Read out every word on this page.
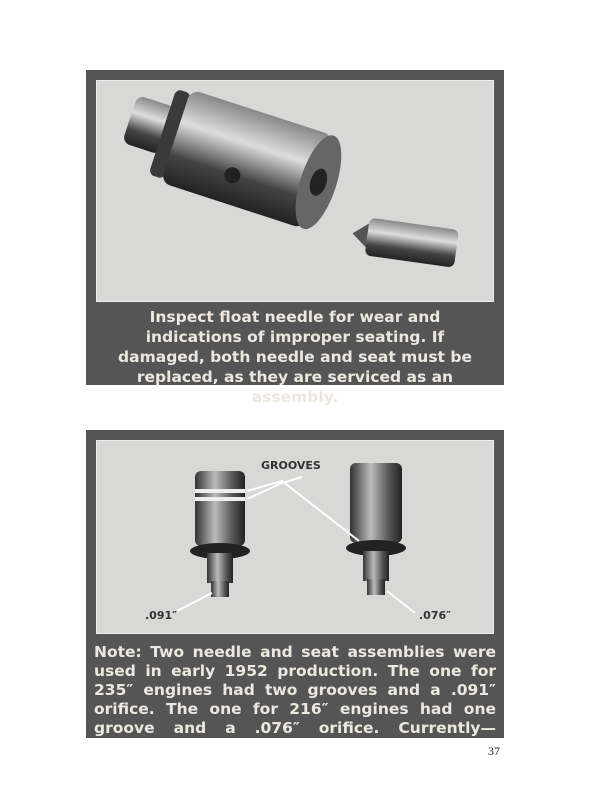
Inspect float needle for wear and indications of improper seating. If damaged, both needle and seat must be replaced, as they are serviced as an assembly.
GROOVES
.091″	.076″
Note: Two needle and seat assemblies were used in early 1952 production. The one for 235″ engines had two grooves and a .091″ orifice. The one for 216″ engines had one groove and a .076″ orifice. Currently—
37
